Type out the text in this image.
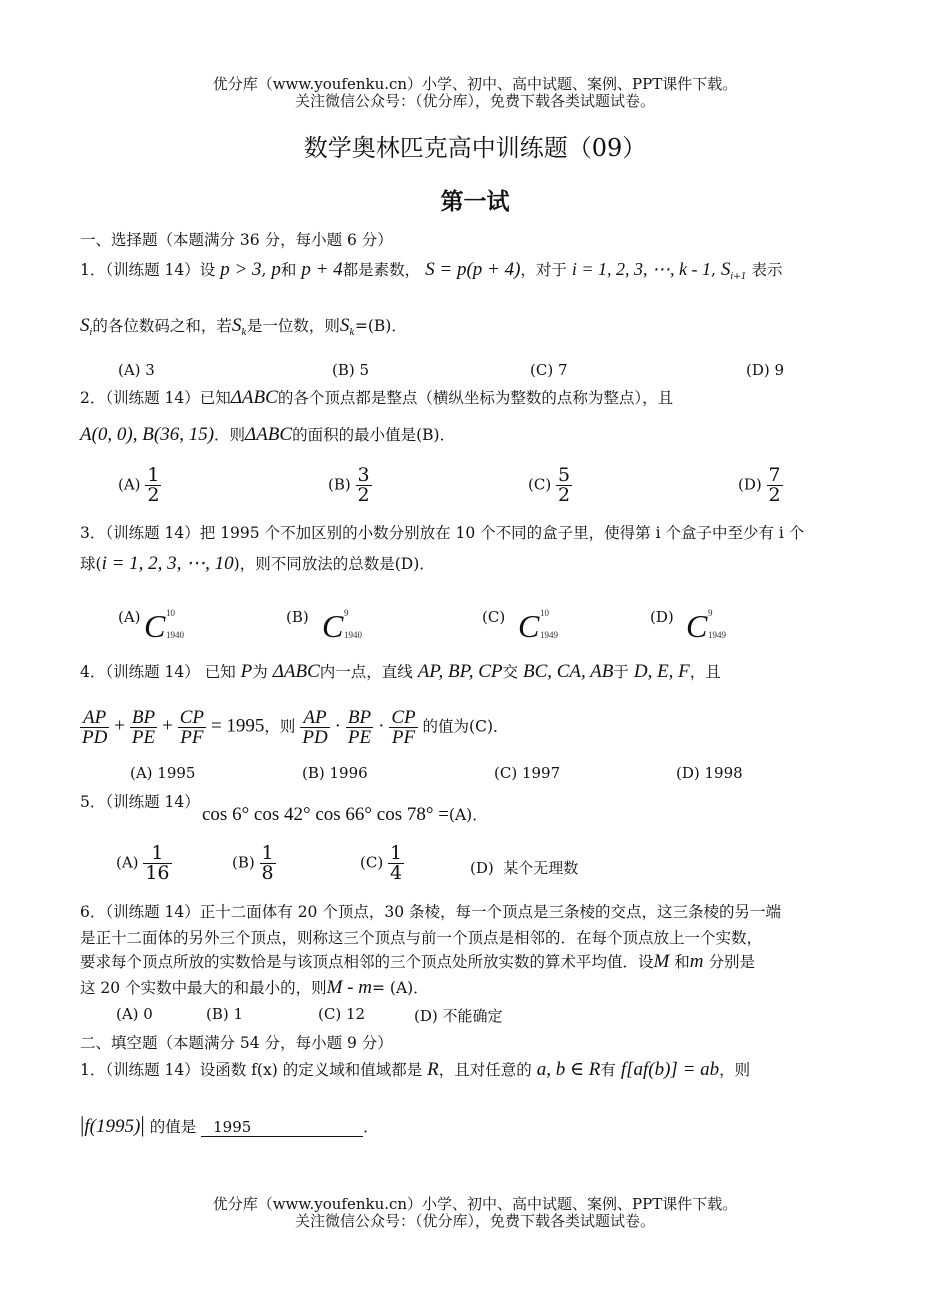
优分库（www.youfenku.cn）小学、初中、高中试题、案例、PPT课件下载。
关注微信公众号：（优分库），免费下载各类试题试卷。
数学奥林匹克高中训练题（09）
第一试
一、选择题（本题满分 36 分，每小题 6 分）
1．（训练题 14）设 p > 3, p和 p + 4都是素数， S = p(p + 4)，对于 i = 1, 2, 3, ⋯, k - 1, $S_{i+1}$ 表示
$S_i$的各位数码之和，若$S_k$是一位数，则$S_k=(B)$．
(A) 3	(B) 5	(C) 7	(D) 9
2．（训练题 14）已知ΔABC的各个顶点都是整点（横纵坐标为整数的点称为整点），且
A(0, 0), B(36, 15)．则ΔABC的面积的最小值是(B)．
$(A) \frac{1}{2}$	$(B) \frac{3}{2}$	$(C) \frac{5}{2}$	$(D) \frac{7}{2}$
3．（训练题 14）把 1995 个不加区别的小数分别放在 10 个不同的盒子里，使得第 i 个盒子中至少有 i 个
球(i = 1, 2, 3, ⋯, 10)，则不同放法的总数是(D)．
(A) C 10
1940
(B) C 9
1940
(C) C 10
1949
(D) C 9
1949
4．（训练题 14） 已知 P为 ΔABC内一点，直线 AP, BP, CP交 BC, CA, AB于 D, E, F，且
$\frac{AP}{PD} + \frac{BP}{PE} + \frac{CP}{PF} = 1995$，则 $\frac{AP}{PD} \cdot \frac{BP}{PE} \cdot \frac{CP}{PF}$ 的值为(C)．
(A) 1995	(B) 1996	(C) 1997	(D) 1998
5．（训练题 14）
cos 6° cos 42° cos 66° cos 78° =(A)．
$(A) \frac{1}{16}$	$(B) \frac{1}{8}$	$(C) \frac{1}{4}$	(D) 某个无理数
6．（训练题 14）正十二面体有 20 个顶点，30 条棱，每一个顶点是三条棱的交点，这三条棱的另一端
是正十二面体的另外三个顶点，则称这三个顶点与前一个顶点是相邻的．在每个顶点放上一个实数，
要求每个顶点所放的实数恰是与该顶点相邻的三个顶点处所放实数的算术平均值．设M 和m 分别是
这 20 个实数中最大的和最小的，则M - m= (A)．
(A) 0	(B) 1	(C) 12	(D) 不能确定
二、填空题（本题满分 54 分，每小题 9 分）
1．（训练题 14）设函数 f(x) 的定义域和值域都是 R，且对任意的 a, b ∈ R有 f[af(b)] = ab，则
|f(1995)| 的值是 1995	．
优分库（www.youfenku.cn）小学、初中、高中试题、案例、PPT课件下载。
关注微信公众号：（优分库），免费下载各类试题试卷。
